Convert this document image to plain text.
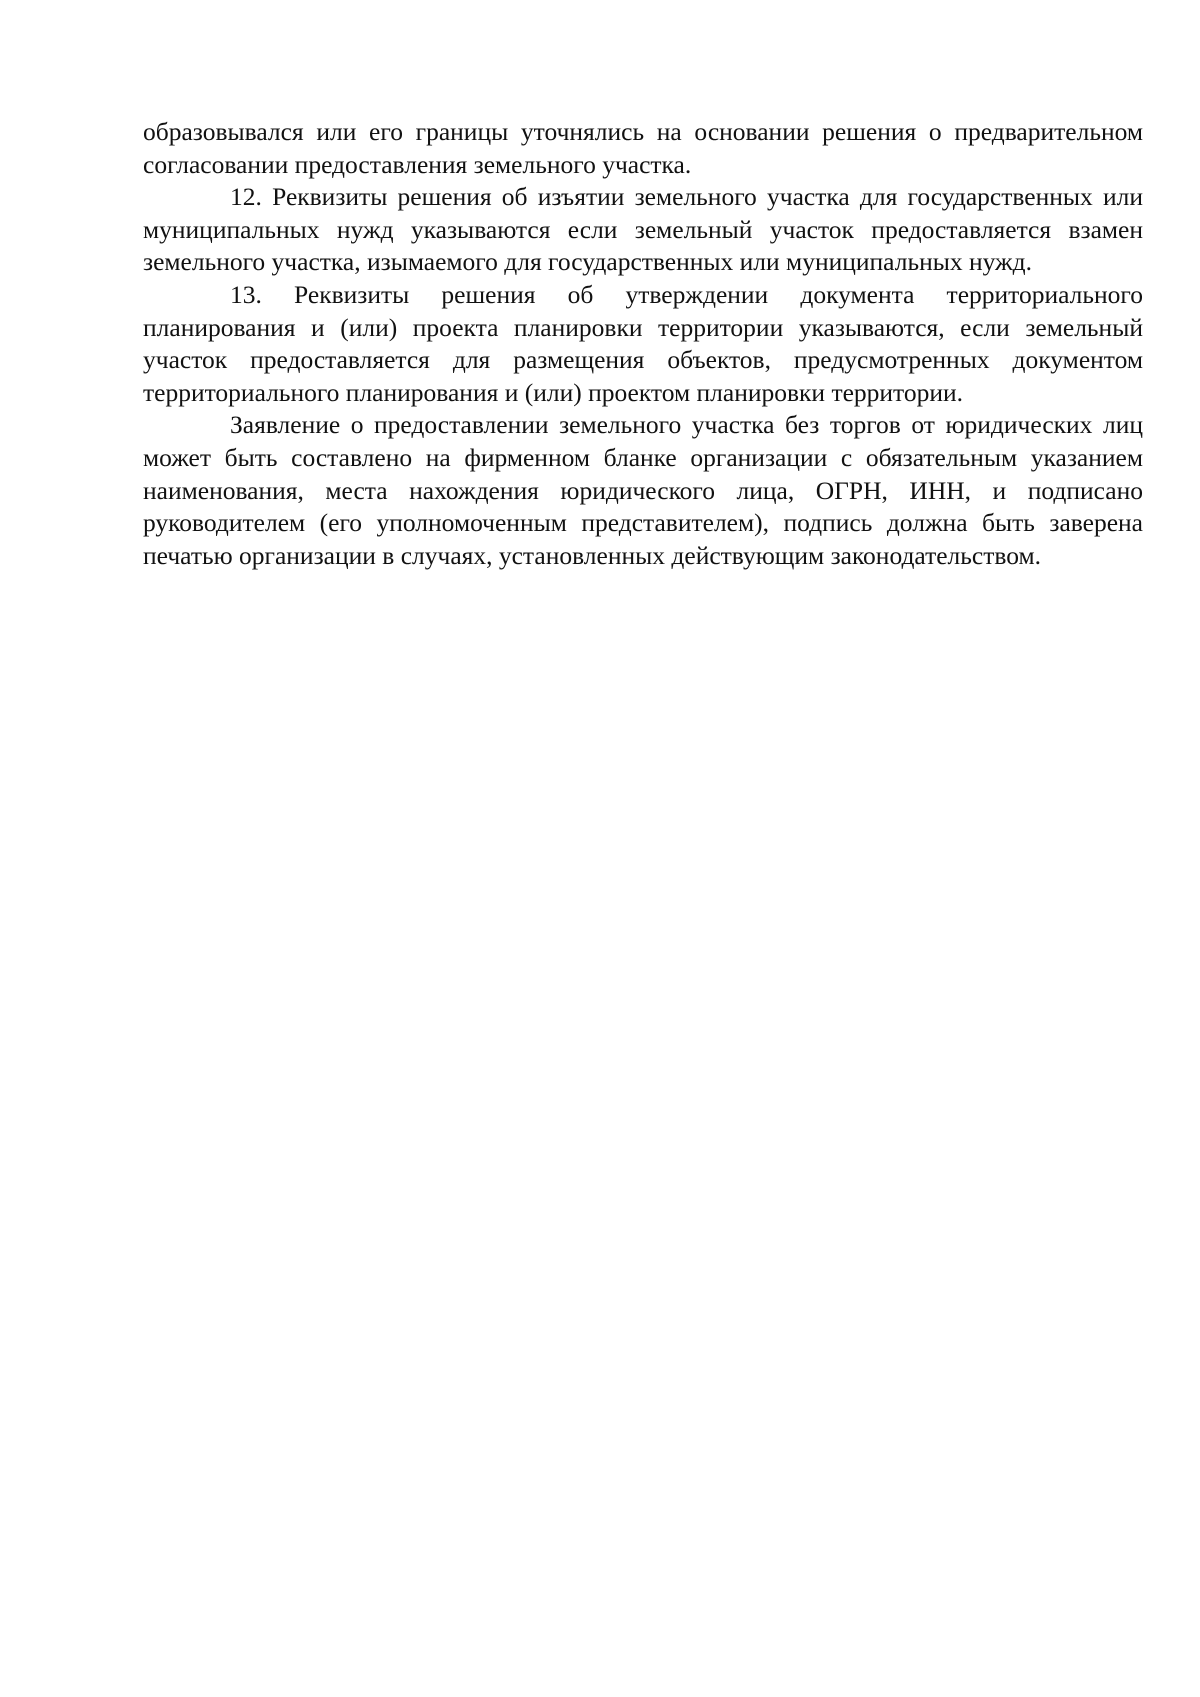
образовывался или его границы уточнялись на основании решения о предварительном согласовании предоставления земельного участка.

12. Реквизиты решения об изъятии земельного участка для государственных или муниципальных нужд указываются если земельный участок предоставляется взамен земельного участка, изымаемого для государственных или муниципальных нужд.

13. Реквизиты решения об утверждении документа территориального планирования и (или) проекта планировки территории указываются, если земельный участок предоставляется для размещения объектов, предусмотренных документом территориального планирования и (или) проектом планировки территории.

Заявление о предоставлении земельного участка без торгов от юридических лиц может быть составлено на фирменном бланке организации с обязательным указанием наименования, места нахождения юридического лица, ОГРН, ИНН, и подписано руководителем (его уполномоченным представителем), подпись должна быть заверена печатью организации в случаях, установленных действующим законодательством.
